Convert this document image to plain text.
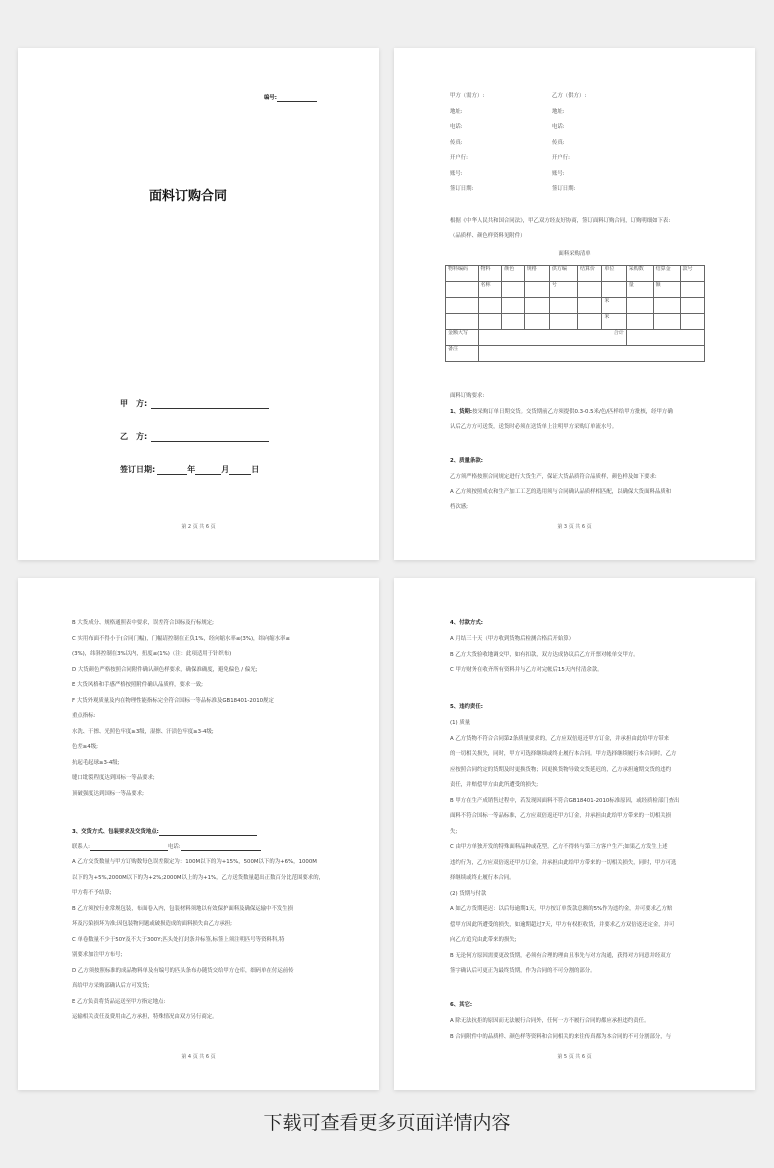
编号:
面料订购合同
甲　方:
乙　方:
签订日期:	年	月	日
第 2 页 共 6 页
甲方（需方）:
地址:
电话:
传真:
开户行:
账号:
签订日期:
乙方（供方）:
地址:
电话:
传真:
开户行:
账号:
签订日期:
根据《中华人民共和国合同法》，甲乙双方经友好协商，签订面料订购合同，订购明细如下表:
（品质样、颜色样资料见附件）
面料采购清单
物料编码	物料	颜色	规格	供方编	结算价	单位	采购数	结算金	款号
	名称			号			量	额	
						米			
						米			
金额大写	合计								
备注									
面料订购要求:
1、货期:按采购订单日期交货。交货期前乙方须提供0.3-0.5米/色/匹样给甲方批核，经甲方确
认后乙方方可送货，送货时必须在送货单上注明甲方采购订单流水号。
2、质量条款:
乙方须严格按照合同规定进行大货生产，保证大货品质符合品质样，颜色样及如下要求:
A 乙方须按照成衣和生产加工工艺的选用须与合同确认品质样相匹配，以确保大货面料品质和
档次感;
第 3 页 共 6 页
B 大货成分、规格通照表中要求，误差符合国标及行标规定;
C 实用布面不得小于(合同门幅)，门幅请控制在正负1%，经向缩水率≤(3%)，纬向缩水率≤
(3%)，纬斜控制在3%以内，扭度≤(1%)（注：此项适用于针织布)
D 大货颜色严格按照合同附件确认颜色样要求，确保准确度，避免偏色 / 偏光;
E 大货风格和手感严格按照附件确认品质样，要求一致;
F 大货外观质量及内在物理性能指标完全符合国标一等品标准及GB18401-2010规定
重点指标:
水洗、干擦、光照色牢度≥3级，湿擦、汗渍色牢度≥3-4级;
色差≥4级;
抗起毛起球≥3-4级;
缝口纰裂程度达到国标一等品要求;
顶破强度达到国标一等品要求;
3、交货方式、包装要求及交货地点:
联系人:	电话:
A 乙方交货数量与甲方订购数每色误差限定为：100M以下的为+15%，500M以下的为+6%，1000M
以下的为+5%,2000M以下的为+2%;2000M以上的为+1%，乙方送货数量超出正数百分比范围要求的，
甲方将不予结算;
B 乙方须按行业常规包装，布面卷入内，包装材料须地以有效保护面料及确保运输中不发生损
坏及污染损坏为准;因包装物问题或破损造成的面料损失由乙方承担;
C 单卷数量不少于50Y及不大于300Y;匹头处打封条并标签,标签上须注明匹号等资料科,特
别要求加注甲方布号;
D 乙方须按照标准的成品物料单及有编号的匹头条布办随货交给甲方仓库，细码单在付运前传
真给甲方采购部确认后方可发货;
E 乙方负责将货品运送至甲方指定地点:
运输相关责任及费用由乙方承担，特殊情况由双方另行商定。
第 4 页 共 6 页
4、付款方式:
A 月结三十天（甲方收到货物后检测合格后开始算）
B 乙方大货验收地调交甲，如有扣款，双方达成协议后乙方开票对帐单交甲方。
C 甲方财务在收齐所有资料并与乙方对完帐后15天内付清余款。
5、违约责任:
(1) 质量
A 乙方货物不符合合同第2条质量要求的，乙方应双倍返还甲方订金，并承担由此给甲方带来
的一切相关损失，同时，甲方可选择继续或终止履行本合同。甲方选择继续履行本合同时，乙方
应按照合同约定的货期及时更换货物；因更换货物导致交货延迟的，乙方承担逾期交货的违约
责任，并赔偿甲方由此所遭受的损失;
B 甲方在生产成销售过程中，若发现因面料不符合GB18401-2010标准原因，或经质检部门查出
面料不符合国标一等品标准，乙方应双倍返还甲方订金，并承担由此给甲方带来的一切相关损
失;
C 由甲方单独开发的特殊面料品种或花型，乙方不得转与第三方客户生产;如果乙方发生上述
违约行为，乙方应双倍返还甲方订金，并承担由此给甲方带来的一切相关损失，同时，甲方可选
择继续或终止履行本合同。
(2) 货期与付款
A 如乙方货期延迟：以后每逾期1天，甲方按订单货款总额的5%作为违约金，并可要求乙方赔
偿甲方因此所遭受的损失，如逾期超过7天，甲方有权拒收货，并要求乙方双倍返还定金，并可
向乙方追究由此带来的损失;
B 无论何方原因需要更改货期，必须有合理的理由且事先与对方沟通，获得对方同意并经双方
签字确认后可更正为最终货期，作为合同的不可分割的部分。
6、其它:
A 除无法抗拒的原因而无法履行合同外，任何一方不履行合同的都应承担违约责任。
B 合同附件中的品质样、颜色样等资料和合同相关的来往传真都为本合同的不可分割部分，与
第 5 页 共 6 页
下载可查看更多页面详情内容
